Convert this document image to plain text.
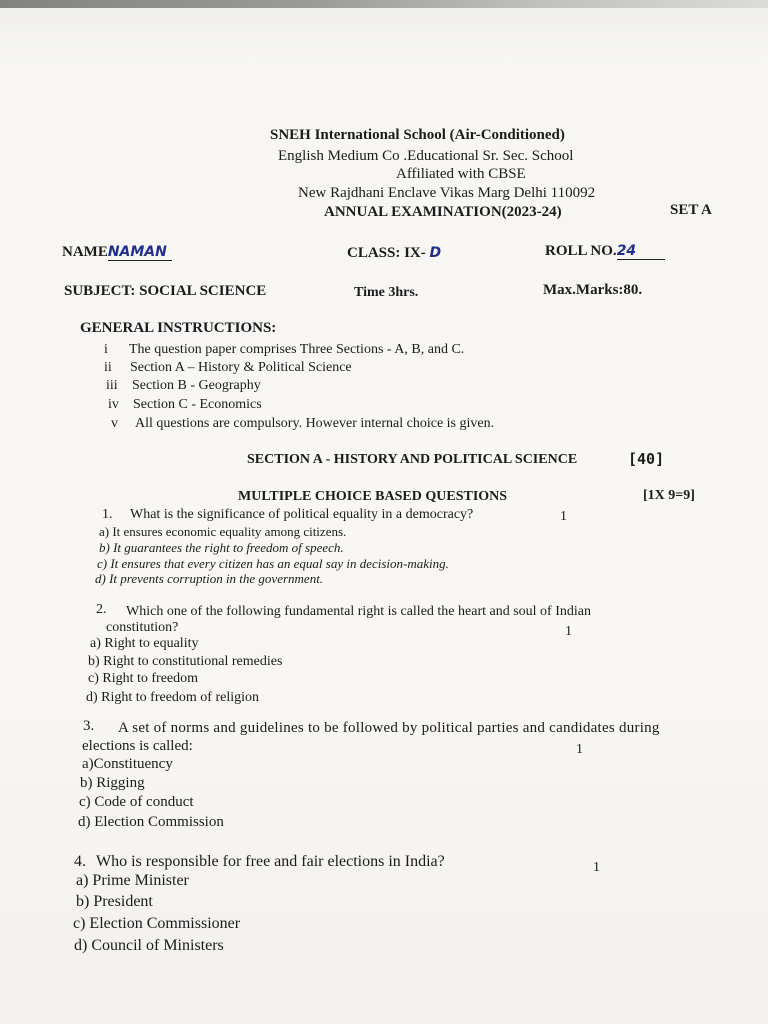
SNEH International School (Air-Conditioned)
English Medium Co .Educational Sr. Sec. School
Affiliated with CBSE
New Rajdhani Enclave Vikas Marg Delhi 110092
ANNUAL EXAMINATION(2023-24)	SET A
NAMENAMAN	CLASS: IX- D	ROLL NO.24
SUBJECT: SOCIAL SCIENCE	Time 3hrs.	Max.Marks:80.
GENERAL INSTRUCTIONS:
i The question paper comprises Three Sections - A, B, and C.
ii Section A – History & Political Science
iii Section B - Geography
iv Section C - Economics
v All questions are compulsory. However internal choice is given.
SECTION A - HISTORY AND POLITICAL SCIENCE	[40]
MULTIPLE CHOICE BASED QUESTIONS	[1X 9=9]
1. What is the significance of political equality in a democracy?	1
a) It ensures economic equality among citizens.
b) It guarantees the right to freedom of speech.
c) It ensures that every citizen has an equal say in decision-making.
d) It prevents corruption in the government.
2. Which one of the following fundamental right is called the heart and soul of Indian
constitution?	1
a) Right to equality
b) Right to constitutional remedies
c) Right to freedom
d) Right to freedom of religion
3. A set of norms and guidelines to be followed by political parties and candidates during
elections is called:	1
a)Constituency
b) Rigging
c) Code of conduct
d) Election Commission
4. Who is responsible for free and fair elections in India?	1
a) Prime Minister
b) President
c) Election Commissioner
d) Council of Ministers
